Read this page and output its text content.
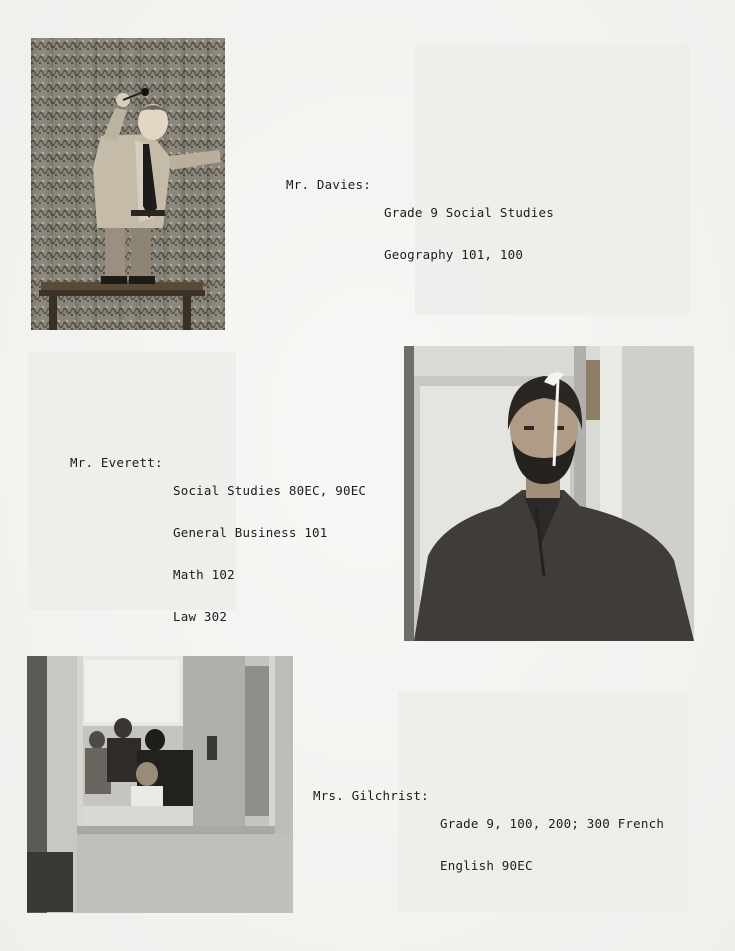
Mr. Davies:

Grade 9 Social Studies

Geography 101, 100

Mr. Everett:

Social Studies 80EC, 90EC

General Business 101

Math 102

Law 302

Mrs. Gilchrist:

Grade 9, 100, 200; 300 French

English 90EC
